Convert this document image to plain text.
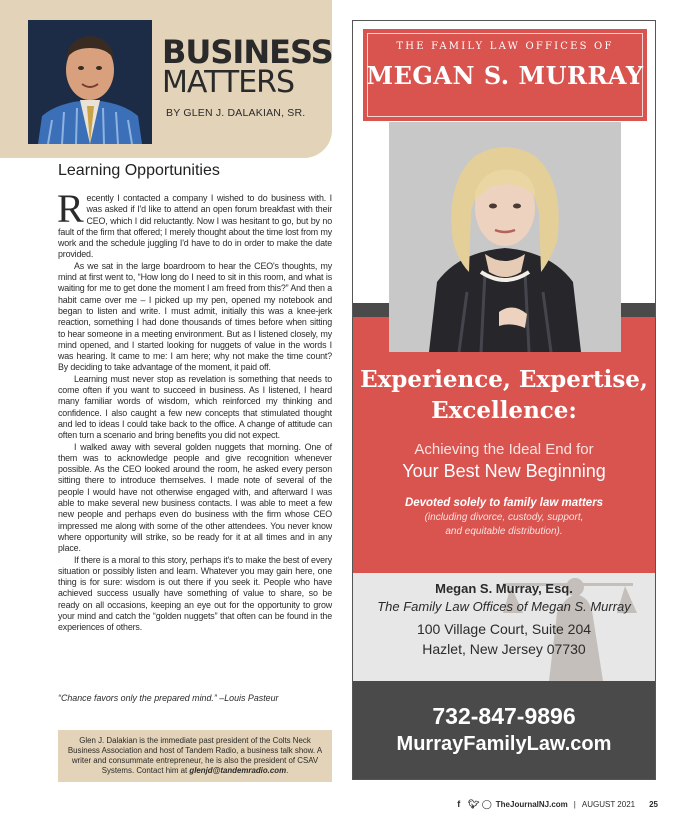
BUSINESS
MATTERS
BY GLEN J. DALAKIAN, SR.
Learning Opportunities

Recently I contacted a company I wished to do business with. I was asked if I'd like to attend an open forum breakfast with their CEO, which I did reluctantly. Now I was hesitant to go, but by no fault of the firm that offered; I merely thought about the time lost from my work and the schedule juggling I'd have to do in order to make the date provided.

As we sat in the large boardroom to hear the CEO's thoughts, my mind at first went to, “How long do I need to sit in this room, and what is waiting for me to get done the moment I am freed from this?” And then a habit came over me – I picked up my pen, opened my notebook and began to listen and write. I must admit, initially this was a knee-jerk reaction, something I had done thousands of times before when sitting to hear someone in a meeting environment. But as I listened closely, my mind opened, and I started looking for nuggets of value in the words I was hearing. It came to me: I am here; why not make the time count? By deciding to take advantage of the moment, it paid off.

Learning must never stop as revelation is something that needs to come often if you want to succeed in business. As I listened, I heard many familiar words of wisdom, which reinforced my thinking and confidence. I also caught a few new concepts that stimulated thought and led to ideas I could take back to the office. A change of attitude can often turn a scenario and bring benefits you did not expect.

I walked away with several golden nuggets that morning. One of them was to acknowledge people and give recognition whenever possible. As the CEO looked around the room, he asked every person sitting there to introduce themselves. I made note of several of the people I would have not otherwise engaged with, and afterward I was able to make several new business contacts. I was able to meet a few new people and perhaps even do business with the firm whose CEO impressed me along with some of the other attendees. You never know where opportunity will strike, so be ready for it at all times and in any place.

If there is a moral to this story, perhaps it's to make the best of every situation or possibly listen and learn. Whatever you may gain here, one thing is for sure: wisdom is out there if you seek it. People who have achieved success usually have something of value to share, so be ready on all occasions, keeping an eye out for the opportunity to grow your mind and catch the “golden nuggets” that often can be found in the experiences of others.

“Chance favors only the prepared mind.” –Louis Pasteur
Glen J. Dalakian is the immediate past president of the Colts Neck Business Association and host of Tandem Radio, a business talk show. A writer and consummate entrepreneur, he is also the president of CSAV Systems. Contact him at glenjd@tandemradio.com.
THE FAMILY LAW OFFICES OF
MEGAN S. MURRAY
Experience, Expertise,
Excellence:
Achieving the Ideal End for
Your Best New Beginning
Devoted solely to family law matters
(including divorce, custody, support,
and equitable distribution).
Megan S. Murray, Esq.
The Family Law Offices of Megan S. Murray
100 Village Court, Suite 204
Hazlet, New Jersey 07730
732-847-9896
MurrayFamilyLaw.com
f 🐦︎ ◯ TheJournalNJ.com | AUGUST 2021 25
